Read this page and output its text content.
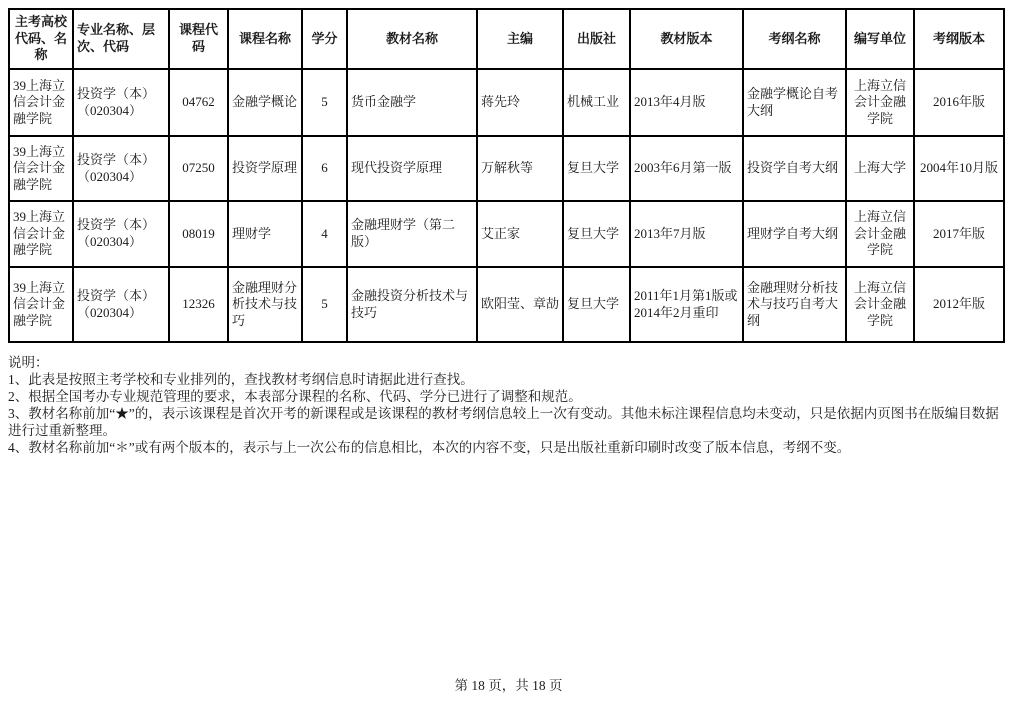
主考高校代码、名称	专业名称、层次、代码	课程代码	课程名称	学分	教材名称	主编	出版社	教材版本	考纲名称	编写单位	考纲版本
39上海立信会计金融学院	投资学（本）（020304）	04762	金融学概论	5	货币金融学	蒋先玲	机械工业	2013年4月版	金融学概论自考大纲	上海立信会计金融学院	2016年版
39上海立信会计金融学院	投资学（本）（020304）	07250	投资学原理	6	现代投资学原理	万解秋等	复旦大学	2003年6月第一版	投资学自考大纲	上海大学	2004年10月版
39上海立信会计金融学院	投资学（本）（020304）	08019	理财学	4	金融理财学（第二版）	艾正家	复旦大学	2013年7月版	理财学自考大纲	上海立信会计金融学院	2017年版
39上海立信会计金融学院	投资学（本）（020304）	12326	金融理财分析技术与技巧	5	金融投资分析技术与技巧	欧阳莹、章劼	复旦大学	2011年1月第1版或2014年2月重印	金融理财分析技术与技巧自考大纲	上海立信会计金融学院	2012年版
说明：
1、此表是按照主考学校和专业排列的，查找教材考纲信息时请据此进行查找。
2、根据全国考办专业规范管理的要求，本表部分课程的名称、代码、学分已进行了调整和规范。
3、教材名称前加“★”的，表示该课程是首次开考的新课程或是该课程的教材考纲信息较上一次有变动。其他未标注课程信息均未变动，只是依据内页图书在版编目数据进行过重新整理。
4、教材名称前加“＊”或有两个版本的，表示与上一次公布的信息相比，本次的内容不变，只是出版社重新印刷时改变了版本信息，考纲不变。
第 18 页，共 18 页
